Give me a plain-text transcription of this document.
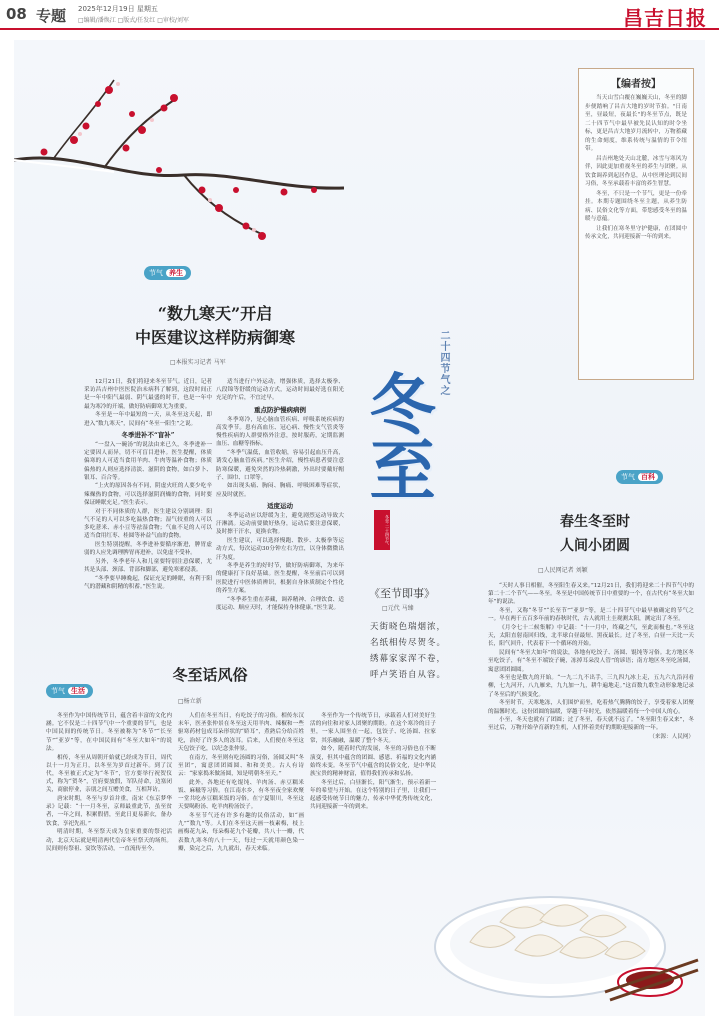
08 专题 2025年12月19日 星期五
□编辑/潘焕江 □版式/任发红 □审校/刘军	昌吉日报
【编者按】

当天山雪白覆在巍巍天山，冬至的脚步便踏响了昌吉大地的岁时节拍。"日南至，昼最短，夜最长"的冬至节点，既是二十四节气中最早被先民认知的时令坐标，更是昌吉大地岁月流转中，万物蓄藏的生命刻度，维系传统与温情的节令纽带。

昌吉州地处天山北麓，冰雪与寒风为伴，因此更加重视冬至的养生与团聚。从饮食调养到起居作息，从中医理论到民间习俗，冬至承载着丰富的养生智慧。

冬至，不只是一个节气，更是一份牵挂。本期专题围绕冬至主题，从养生防病、民俗文化等方面，带您感受冬至的温暖与意蕴。

让我们在寒冬里守护健康，在团圆中传承文化，共同迎接新一年的到来。

节气 养生
“数九寒天”开启
中医建议这样防病御寒
□本报实习记者 马军

12月21日，我们将迎来冬至节气。近日，记者采访昌吉州中医医院治未病科了解到，这段时间正是一年中阳气最弱、阴气最盛的时节，也是一年中最为寒冷的开端，做好防病御寒尤为重要。

冬至是一年中最短的一天，从冬至这天起，即进入“数九寒天”，民间有“冬至一阳生”之说。

冬季进补不“盲补”

“一盘入一碗汤”的说法由来已久，冬季进补一定要因人而异，切不可盲目进补。医生提醒，体质偏寒的人可适当食用羊肉、牛肉等温补食物；体质偏热的人则应选择清淡、滋阴的食物，如白萝卜、银耳、百合等。

“上火的原因各有不同，阴虚火旺的人要少吃辛辣燥热的食物，可以选择滋阴润燥的食物，同时要保证睡眠充足。”医生表示。

对于不同体质的人群，医生建议分别调理：阳气不足的人可以多吃温热食物；湿气较重的人可以多吃薏米、赤小豆等祛湿食物；气血不足的人可以适当食用红枣、桂圆等补益气血的食物。

医生特别提醒，冬季进补要循序渐进，脾胃虚弱的人应先调理脾胃再进补，以免虚不受补。

另外，冬季老年人和儿童要特别注意保暖，尤其是头部、颈部、背部和脚部，避免寒邪侵袭。

“冬季要早睡晚起，保证充足的睡眠，有利于阳气的潜藏和阴精的积蓄。”医生说。

适当进行户外运动，增强体质，选择太极拳、八段锦等舒缓的运动方式，运动时间最好选在阳光充足的午后，不宜过早。

重点防护慢病病例

冬季寒冷，是心脑血管疾病、呼吸系统疾病的高发季节。患有高血压、冠心病、慢性支气管炎等慢性疾病的人群要格外注意，按时服药，定期监测血压、血糖等指标。

“冬季气温低，血管收缩，容易引起血压升高，诱发心脑血管疾病。”医生介绍，慢性病患者要注意防寒保暖，避免突然的冷热刺激，外出时要戴好帽子、围巾、口罩等。

如出现头痛、胸闷、胸痛、呼吸困难等症状，应及时就医。

适度运动

冬季运动应以舒缓为主，避免剧烈运动导致大汗淋漓。运动前要做好热身，运动后要注意保暖，及时擦干汗水，更换衣物。

医生建议，可以选择慢跑、散步、太极拳等运动方式，每次运动30分钟左右为宜，以身体微微出汗为度。

冬季是养生的好时节，做好防病御寒，为来年的健康打下良好基础。医生提醒，冬至前后可以到医院进行中医体质辨识，根据自身体质制定个性化的养生方案。

“冬季养生重在养藏，调养精神、合理饮食、适度运动、顺应天时，才能保持身体健康。”医生说。

二十四节气之
冬至
冬至·二十四节气
《至节即事》
□元代 马臻
天街晓色瑞烟浓，
名纸相传尽贺冬。
绣幕家家浑不卷，
呼卢笑语自从容。
节气 百科
春生冬至时
人间小团圆
□人民网记者 刘颖

“天时人事日相催，冬至阳生春又来。”12月21日，我们将迎来二十四节气中的第二十二个节气——冬至。冬至是中国传统节日中重要的一个，在古代有“冬至大如年”的说法。

冬至，又称“冬节”“长至节”“亚岁”等，是二十四节气中最早被确定的节气之一。早在两千五百多年前的春秋时代，古人就用土圭观测太阳，测定出了冬至。

《月令七十二候集解》中记载：“十一月中，终藏之气，至此而极也。”冬至这天，太阳直射南回归线，北半球白昼最短、黑夜最长。过了冬至，白昼一天比一天长，阳气回升，代表着下一个循环的开始。

民间有“冬至大如年”的说法，各地有吃饺子、汤圆、馄饨等习俗。北方地区冬至吃饺子，有“冬至不端饺子碗，冻掉耳朵没人管”的谚语；南方地区冬至吃汤圆，寓意团团圆圆。

冬至也是数九的开始。“一九二九不出手，三九四九冰上走，五九六九沿河看柳，七九河开，八九雁来，九九加一九，耕牛遍地走。”这首数九歌生动形象地记录了冬至后的气候变化。

冬至时节，天寒地冻，人们围炉而坐，吃着热气腾腾的饺子，享受着家人团聚的温馨时光。这份团圆的温暖，穿越千年时光，依然温暖着每一个中国人的心。

小至，冬天也就有了团圆；过了冬至，春天就不远了。“冬至阳生春又来”，冬至过后，万物开始孕育新的生机，人们怀着美好的期盼迎接新的一年。

（来源：人民网）

节气 生活
冬至话风俗
□杨立新

冬至作为中国传统节日，蕴含着丰富的文化内涵。它不仅是二十四节气中一个重要的节气，也是中国民间的传统节日。冬至被称为“冬节”“长至节”“亚岁”等，在中国民间有“冬至大如年”的说法。

相传，冬至从周朝开始就已经成为节日，周代以十一月为正月，以冬至为岁首过新年。到了汉代，冬至被正式定为“冬节”，官方要举行祝贺仪式，称为“贺冬”，官府要放假，军队待命，边塞闭关，商旅停业，亲朋之间互赠美食，互相拜访。

唐宋时期，冬至与岁首并重，南宋《东京梦华录》记载：“十一月冬至，京师最重此节，虽至贫者，一年之间，积累假借，至此日更易新衣，备办饮食，享祀先祖。”

明清时期，冬至祭天成为皇家重要的祭祀活动，北京天坛就是明清两代皇帝冬至祭天的场所。民间则有祭祖、宴饮等活动，一直流传至今。

人们在冬至当日，有吃饺子的习俗。相传东汉末年，医圣张仲景在冬至这天用羊肉、辣椒和一些驱寒药材包成耳朵形状的“娇耳”，煮熟后分给百姓吃，治好了许多人的冻耳。后来，人们便在冬至这天包饺子吃，以纪念张仲景。

在南方，冬至则有吃汤圆的习俗，汤圆又叫“冬至团”，寓意团团圆圆、和和美美。古人有诗云：“家家捣米做汤圆，知是明朝冬至天。”

此外，各地还有吃馄饨、羊肉汤、赤豆糯米饭、麻糍等习俗。在江南水乡，有冬至夜全家欢聚一堂共吃赤豆糯米饭的习俗。在宁夏银川，冬至这天要喝粉汤、吃羊肉粉汤饺子。

冬至节气还有许多有趣的民俗活动，如“画九”“数九”等。人们在冬至这天画一枝素梅，枝上画梅花九朵，每朵梅花九个花瓣，共八十一瓣，代表数九寒冬的八十一天，每过一天就用颜色染一瓣，染完之后，九九就出，春天来临。

冬至作为一个传统节日，承载着人们对美好生活的向往和对家人团聚的期盼。在这个寒冷的日子里，一家人围坐在一起，包饺子、吃汤圆、拉家常，其乐融融，温暖了整个冬天。

如今，随着时代的发展，冬至的习俗也在不断演变，但其中蕴含的团圆、感恩、祈福的文化内涵始终未变。冬至节气中蕴含的民俗文化，是中华民族宝贵的精神财富，值得我们传承和弘扬。

冬至过后，白昼渐长，阳气渐生，预示着新一年的希望与开始。在这个特别的日子里，让我们一起感受传统节日的魅力，传承中华优秀传统文化，共同迎接新一年的到来。
